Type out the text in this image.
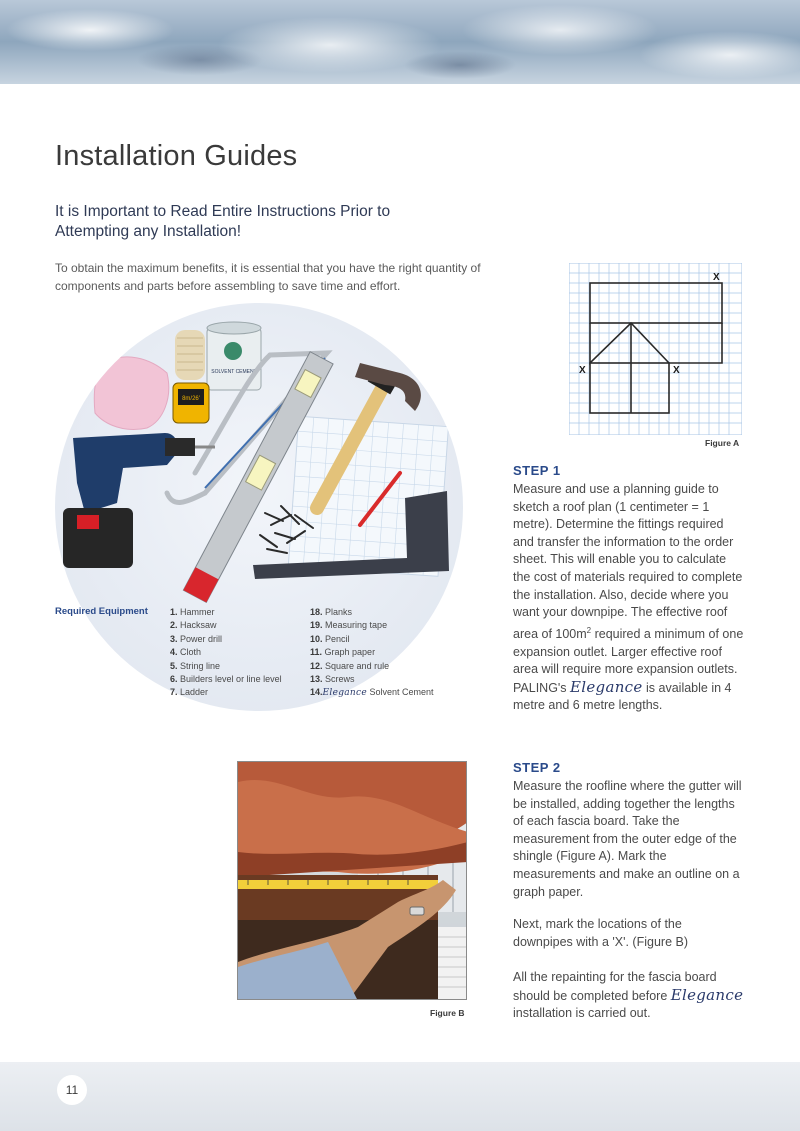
Installation Guides

It is Important to Read Entire Instructions Prior to Attempting any Installation!

To obtain the maximum benefits, it is essential that you have the right quantity of components and parts before assembling to save time and effort.

SOLVENT CEMENT
8m/26'
Required Equipment 1. Hammer
2. Hacksaw
3. Power drill
4. Cloth
5. String line
6. Builders level or line level
7. Ladder
18. Planks
19. Measuring tape
10. Pencil
11. Graph paper
12. Square and rule
13. Screws
14.Elegance Solvent Cement
X
X	X
Figure A
STEP 1

Measure and use a planning guide to sketch a roof plan (1 centimeter = 1 metre). Determine the fittings required and transfer the information to the order sheet. This will enable you to calculate the cost of materials required to complete the installation. Also, decide where you want your downpipe. The effective roof area of $100m^2$ required a minimum of one expansion outlet. Larger effective roof area will require more expansion outlets. PALING's Elegance is available in 4 metre and 6 metre lengths.

Figure B
STEP 2

Measure the roofline where the gutter will be installed, adding together the lengths of each fascia board. Take the measurement from the outer edge of the shingle (Figure A). Mark the measurements and make an outline on a graph paper.

Next, mark the locations of the downpipes with a 'X'. (Figure B)

All the repainting for the fascia board should be completed before Elegance installation is carried out.

11
